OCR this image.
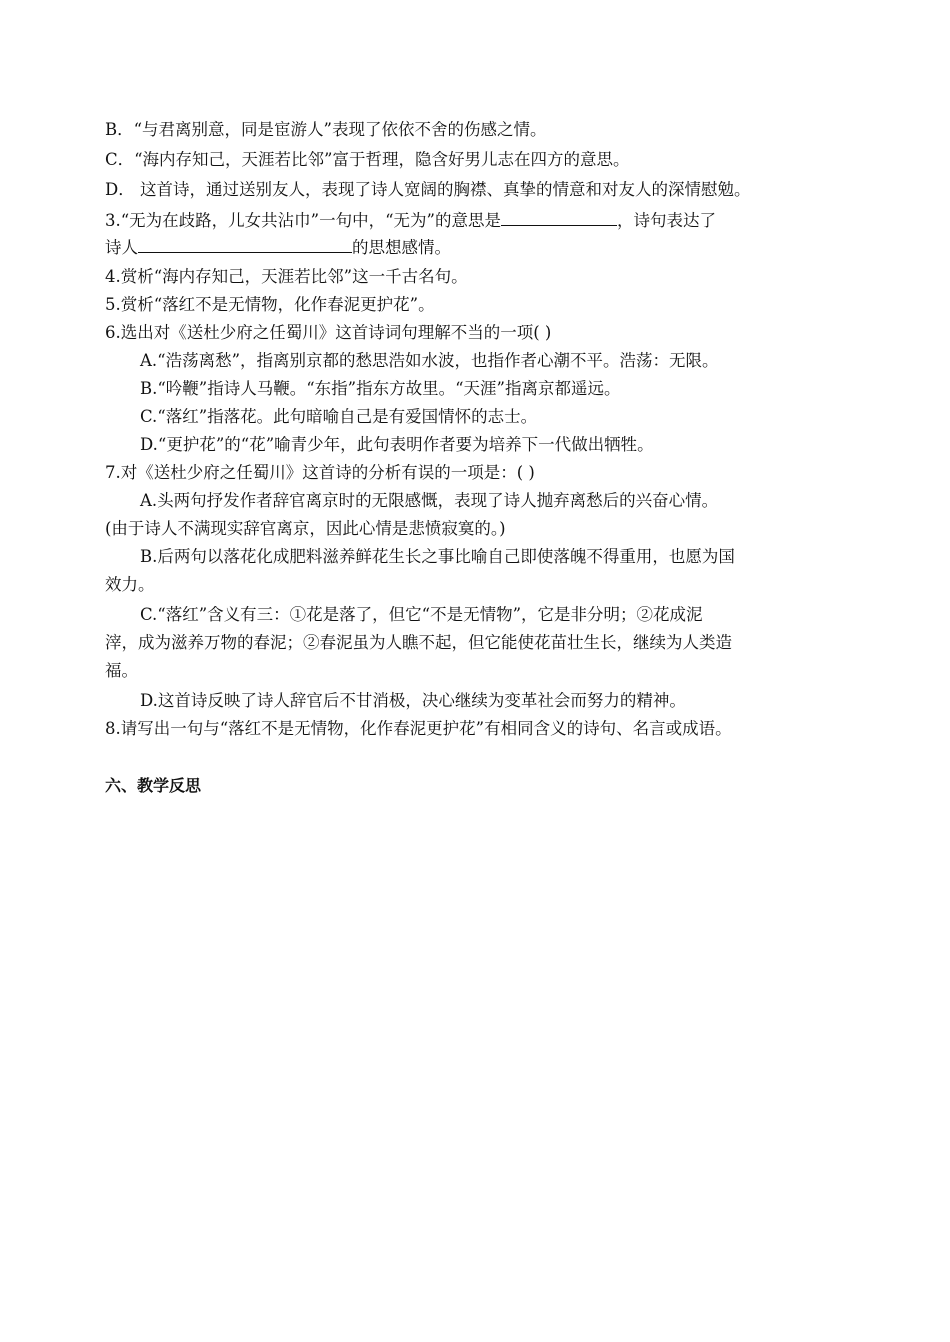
B．“与君离别意，同是宦游人”表现了依依不舍的伤感之情。
C．“海内存知己，天涯若比邻”富于哲理，隐含好男儿志在四方的意思。
D． 这首诗，通过送别友人，表现了诗人宽阔的胸襟、真挚的情意和对友人的深情慰勉。
3.“无为在歧路，儿女共沾巾”一句中，“无为”的意思是	，诗句表达了
诗人	的思想感情。
4.赏析“海内存知己，天涯若比邻”这一千古名句。
5.赏析“落红不是无情物，化作春泥更护花”。
6.选出对《送杜少府之任蜀川》这首诗词句理解不当的一项( )
A.“浩荡离愁”，指离别京都的愁思浩如水波，也指作者心潮不平。浩荡：无限。
B.“吟鞭”指诗人马鞭。“东指”指东方故里。“天涯”指离京都遥远。
C.“落红”指落花。此句暗喻自己是有爱国情怀的志士。
D.“更护花”的“花”喻青少年，此句表明作者要为培养下一代做出牺牲。
7.对《送杜少府之任蜀川》这首诗的分析有误的一项是：( )
A.头两句抒发作者辞官离京时的无限感慨，表现了诗人抛弃离愁后的兴奋心情。
(由于诗人不满现实辞官离京，因此心情是悲愤寂寞的。)
B.后两句以落花化成肥料滋养鲜花生长之事比喻自己即使落魄不得重用，也愿为国
效力。
C.“落红”含义有三：①花是落了，但它“不是无情物”，它是非分明；②花成泥
滓，成为滋养万物的春泥；②春泥虽为人瞧不起，但它能使花苗壮生长，继续为人类造
福。
D.这首诗反映了诗人辞官后不甘消极，决心继续为变革社会而努力的精神。
8.请写出一句与“落红不是无情物，化作春泥更护花”有相同含义的诗句、名言或成语。
六、教学反思
